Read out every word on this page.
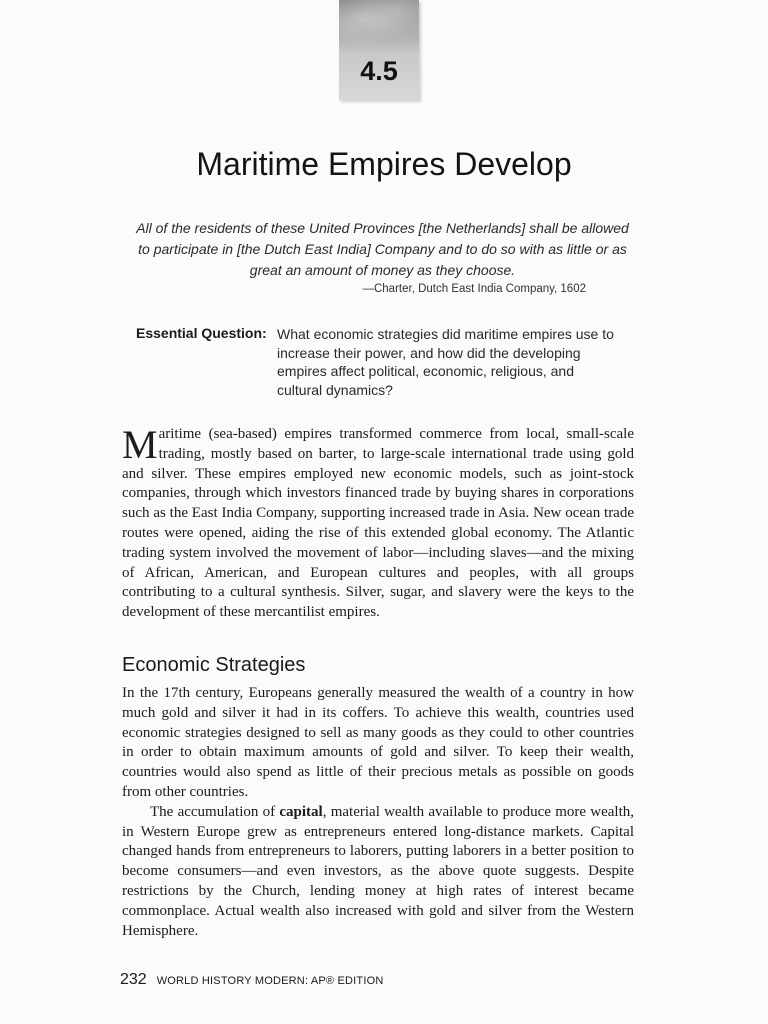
4.5
Maritime Empires Develop
All of the residents of these United Provinces [the Netherlands] shall be allowed to participate in [the Dutch East India] Company and to do so with as little or as great an amount of money as they choose.
—Charter, Dutch East India Company, 1602
Essential Question: What economic strategies did maritime empires use to increase their power, and how did the developing empires affect political, economic, religious, and cultural dynamics?
Maritime (sea-based) empires transformed commerce from local, small-scale trading, mostly based on barter, to large-scale international trade using gold and silver. These empires employed new economic models, such as joint-stock companies, through which investors financed trade by buying shares in corporations such as the East India Company, supporting increased trade in Asia. New ocean trade routes were opened, aiding the rise of this extended global economy. The Atlantic trading system involved the movement of labor—including slaves—and the mixing of African, American, and European cultures and peoples, with all groups contributing to a cultural synthesis. Silver, sugar, and slavery were the keys to the development of these mercantilist empires.
Economic Strategies

In the 17th century, Europeans generally measured the wealth of a country in how much gold and silver it had in its coffers. To achieve this wealth, countries used economic strategies designed to sell as many goods as they could to other countries in order to obtain maximum amounts of gold and silver. To keep their wealth, countries would also spend as little of their precious metals as possible on goods from other countries.

The accumulation of capital, material wealth available to produce more wealth, in Western Europe grew as entrepreneurs entered long-distance markets. Capital changed hands from entrepreneurs to laborers, putting laborers in a better position to become consumers—and even investors, as the above quote suggests. Despite restrictions by the Church, lending money at high rates of interest became commonplace. Actual wealth also increased with gold and silver from the Western Hemisphere.

232 WORLD HISTORY MODERN: AP® EDITION
